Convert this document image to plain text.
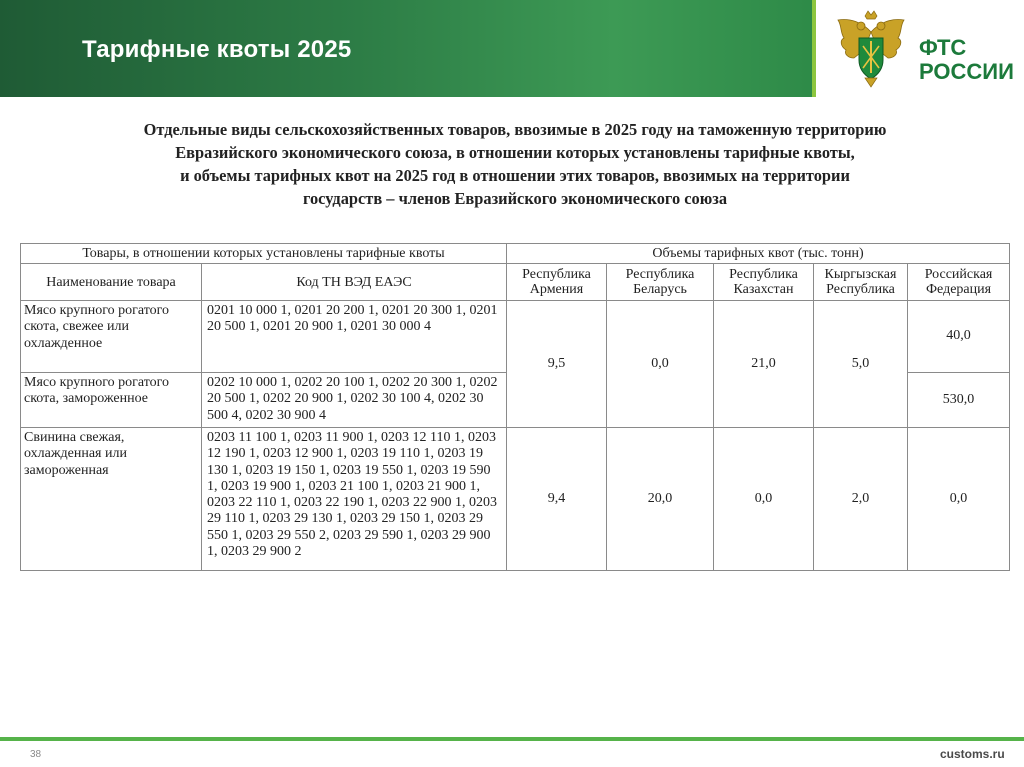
Тарифные квоты 2025	ФТС
РОССИИ
Отдельные виды сельскохозяйственных товаров, ввозимые в 2025 году на таможенную территорию
Евразийского экономического союза, в отношении которых установлены тарифные квоты,
и объемы тарифных квот на 2025 год в отношении этих товаров, ввозимых на территории
государств – членов Евразийского экономического союза
Товары, в отношении которых установлены тарифные квоты		Объемы тарифных квот (тыс. тонн)				
Наименование товара	Код ТН ВЭД ЕАЭС	Республика Армения	Республика Беларусь	Республика Казахстан	Кыргызская Республика	Российская Федерация
Мясо крупного рогатого скота, свежее или охлажденное	0201 10 000 1, 0201 20 200 1, 0201 20 300 1, 0201 20 500 1, 0201 20 900 1, 0201 30 000 4	9,5	0,0	21,0	5,0	40,0
Мясо крупного рогатого скота, замороженное	0202 10 000 1, 0202 20 100 1, 0202 20 300 1, 0202 20 500 1, 0202 20 900 1, 0202 30 100 4, 0202 30 500 4, 0202 30 900 4					530,0
Свинина свежая, охлажденная или замороженная	0203 11 100 1, 0203 11 900 1, 0203 12 110 1, 0203 12 190 1, 0203 12 900 1, 0203 19 110 1, 0203 19 130 1, 0203 19 150 1, 0203 19 550 1, 0203 19 590 1, 0203 19 900 1, 0203 21 100 1, 0203 21 900 1, 0203 22 110 1, 0203 22 190 1, 0203 22 900 1, 0203 29 110 1, 0203 29 130 1, 0203 29 150 1, 0203 29 550 1, 0203 29 550 2, 0203 29 590 1, 0203 29 900 1, 0203 29 900 2	9,4	20,0	0,0	2,0	0,0
38	customs.ru
